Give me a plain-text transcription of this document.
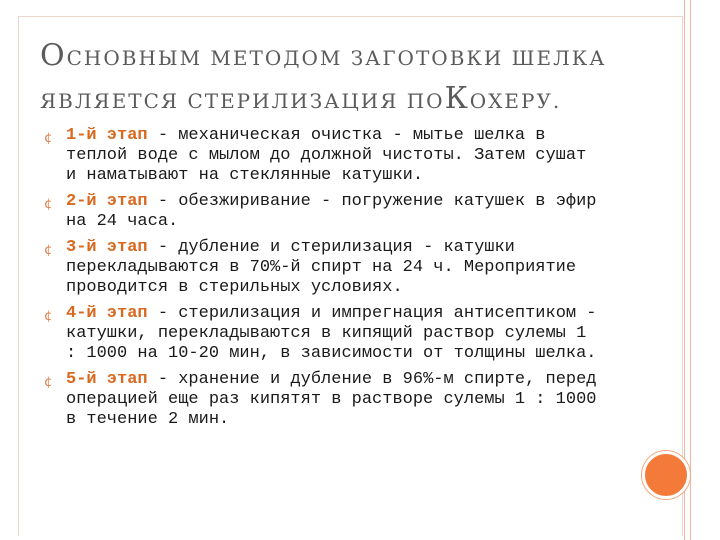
ОСНОВНЫМ МЕТОДОМ ЗАГОТОВКИ ШЕЛКА
ЯВЛЯЕТСЯ СТЕРИЛИЗАЦИЯ ПОКОХЕРУ.
¢ 1-й этап - механическая очистка - мытье шелка в теплой воде с мылом до должной чистоты. Затем сушат и наматывают на стеклянные катушки.
¢ 2-й этап - обезжиривание - погружение катушек в эфир на 24 часа.
¢ 3-й этап - дубление и стерилизация - катушки перекладываются в 70%-й спирт на 24 ч. Мероприятие проводится в стерильных условиях.
¢ 4-й этап - стерилизация и импрегнация антисептиком - катушки, перекладываются в кипящий раствор сулемы 1 : 1000 на 10-20 мин, в зависимости от толщины шелка.
¢ 5-й этап - хранение и дубление в 96%-м спирте, перед операцией еще раз кипятят в растворе сулемы 1 : 1000 в течение 2 мин.
